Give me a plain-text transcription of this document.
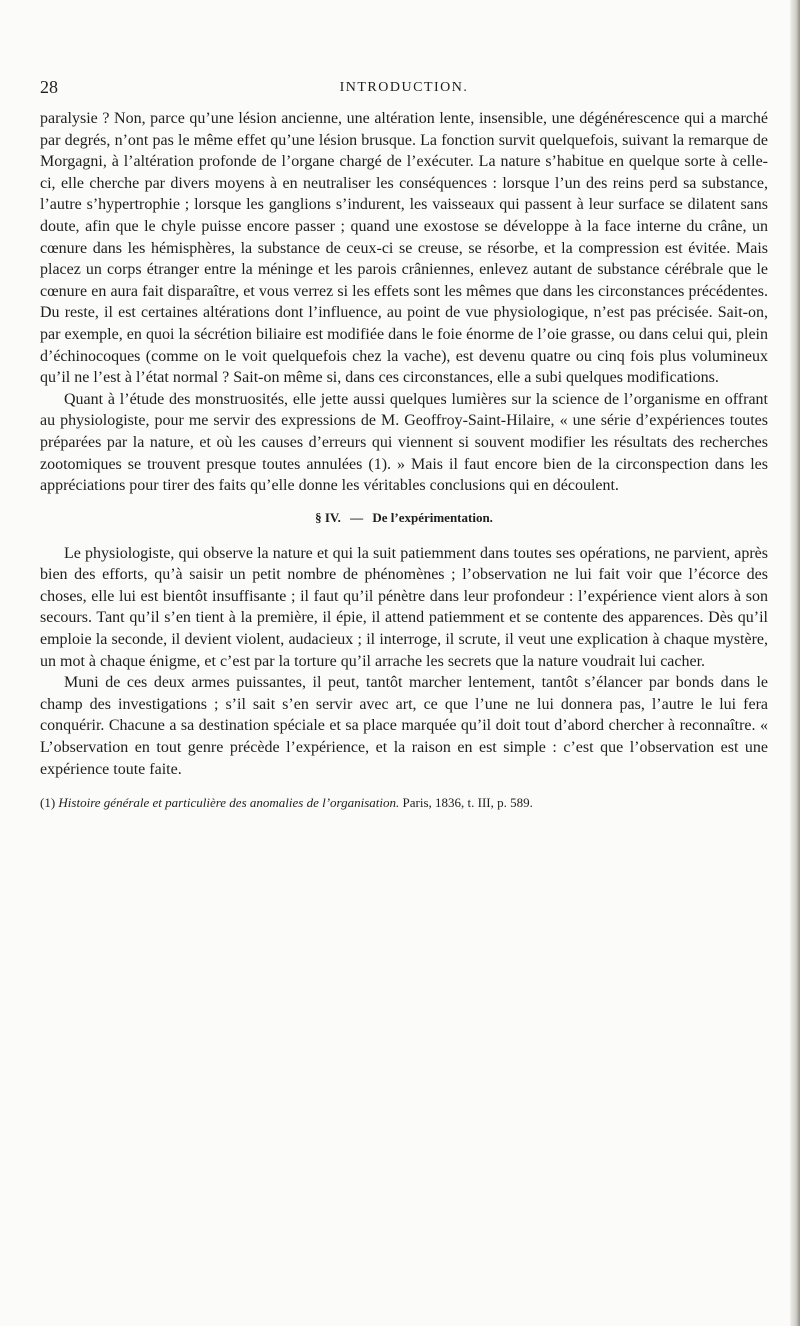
28	INTRODUCTION.

paralysie ? Non, parce qu’une lésion ancienne, une altération lente, insensible, une dégénérescence qui a marché par degrés, n’ont pas le même effet qu’une lésion brusque. La fonction survit quelquefois, suivant la remarque de Morgagni, à l’altération profonde de l’organe chargé de l’exécuter. La nature s’habitue en quelque sorte à celle-ci, elle cherche par divers moyens à en neutraliser les conséquences : lorsque l’un des reins perd sa substance, l’autre s’hypertrophie ; lorsque les ganglions s’indurent, les vaisseaux qui passent à leur surface se dilatent sans doute, afin que le chyle puisse encore passer ; quand une exostose se développe à la face interne du crâne, un cœnure dans les hémisphères, la substance de ceux-ci se creuse, se résorbe, et la compression est évitée. Mais placez un corps étranger entre la méninge et les parois crâniennes, enlevez autant de substance cérébrale que le cœnure en aura fait disparaître, et vous verrez si les effets sont les mêmes que dans les circonstances précédentes. Du reste, il est certaines altérations dont l’influence, au point de vue physiologique, n’est pas précisée. Sait-on, par exemple, en quoi la sécrétion biliaire est modifiée dans le foie énorme de l’oie grasse, ou dans celui qui, plein d’échinocoques (comme on le voit quelquefois chez la vache), est devenu quatre ou cinq fois plus volumineux qu’il ne l’est à l’état normal ? Sait-on même si, dans ces circonstances, elle a subi quelques modifications.

Quant à l’étude des monstruosités, elle jette aussi quelques lumières sur la science de l’organisme en offrant au physiologiste, pour me servir des expressions de M. Geoffroy-Saint-Hilaire, « une série d’expériences toutes préparées par la nature, et où les causes d’erreurs qui viennent si souvent modifier les résultats des recherches zootomiques se trouvent presque toutes annulées (1). » Mais il faut encore bien de la circonspection dans les appréciations pour tirer des faits qu’elle donne les véritables conclusions qui en découlent.

§ IV. — De l’expérimentation.

Le physiologiste, qui observe la nature et qui la suit patiemment dans toutes ses opérations, ne parvient, après bien des efforts, qu’à saisir un petit nombre de phénomènes ; l’observation ne lui fait voir que l’écorce des choses, elle lui est bientôt insuffisante ; il faut qu’il pénètre dans leur profondeur : l’expérience vient alors à son secours. Tant qu’il s’en tient à la première, il épie, il attend patiemment et se contente des apparences. Dès qu’il emploie la seconde, il devient violent, audacieux ; il interroge, il scrute, il veut une explication à chaque mystère, un mot à chaque énigme, et c’est par la torture qu’il arrache les secrets que la nature voudrait lui cacher.

Muni de ces deux armes puissantes, il peut, tantôt marcher lentement, tantôt s’élancer par bonds dans le champ des investigations ; s’il sait s’en servir avec art, ce que l’une ne lui donnera pas, l’autre le lui fera conquérir. Chacune a sa destination spéciale et sa place marquée qu’il doit tout d’abord chercher à reconnaître. « L’observation en tout genre précède l’expérience, et la raison en est simple : c’est que l’observation est une expérience toute faite.

(1) Histoire générale et particulière des anomalies de l’organisation. Paris, 1836, t. III, p. 589.
